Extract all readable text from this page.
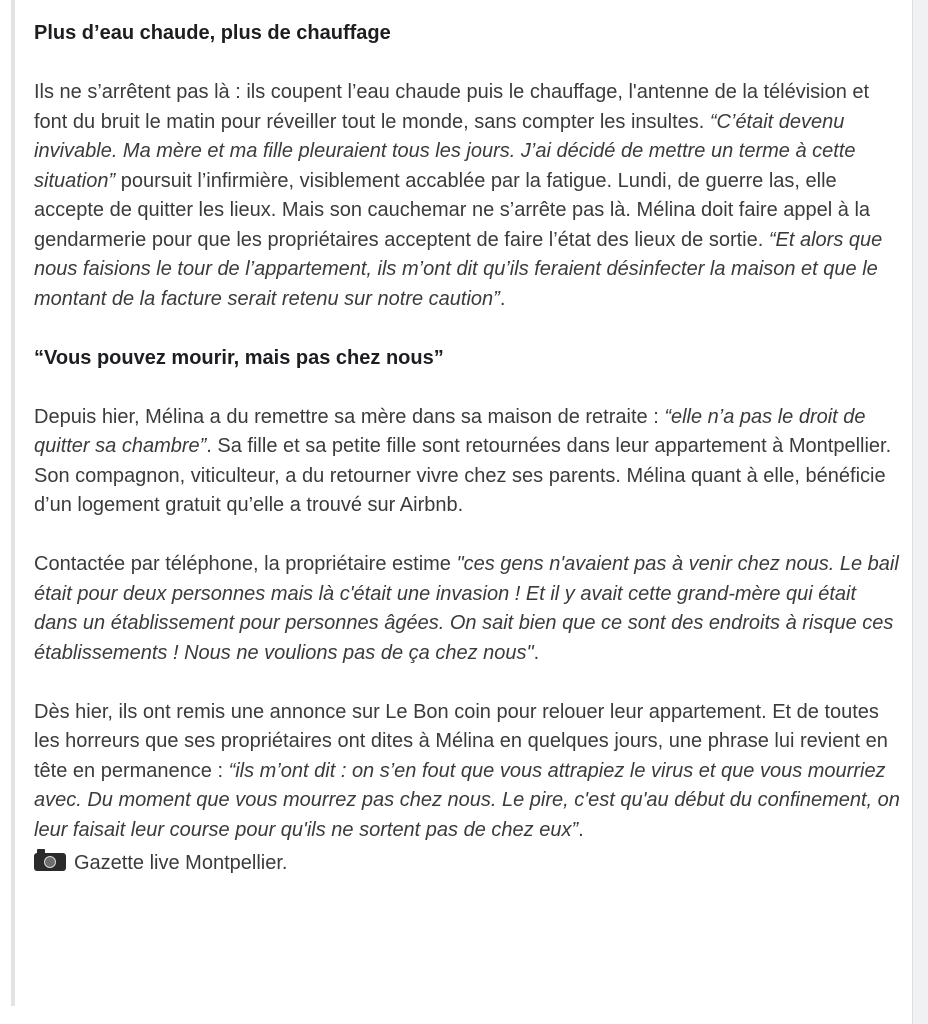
Plus d’eau chaude, plus de chauffage

Ils ne s’arrêtent pas là : ils coupent l’eau chaude puis le chauffage, l'antenne de la télévision et font du bruit le matin pour réveiller tout le monde, sans compter les insultes. “C’était devenu invivable. Ma mère et ma fille pleuraient tous les jours. J’ai décidé de mettre un terme à cette situation” poursuit l’infirmière, visiblement accablée par la fatigue. Lundi, de guerre las, elle accepte de quitter les lieux. Mais son cauchemar ne s’arrête pas là. Mélina doit faire appel à la gendarmerie pour que les propriétaires acceptent de faire l’état des lieux de sortie. “Et alors que nous faisions le tour de l’appartement, ils m’ont dit qu’ils feraient désinfecter la maison et que le montant de la facture serait retenu sur notre caution”.

“Vous pouvez mourir, mais pas chez nous”

Depuis hier, Mélina a du remettre sa mère dans sa maison de retraite : “elle n’a pas le droit de quitter sa chambre”. Sa fille et sa petite fille sont retournées dans leur appartement à Montpellier. Son compagnon, viticulteur, a du retourner vivre chez ses parents. Mélina quant à elle, bénéficie d’un logement gratuit qu’elle a trouvé sur Airbnb.

Contactée par téléphone, la propriétaire estime "ces gens n'avaient pas à venir chez nous. Le bail était pour deux personnes mais là c'était une invasion ! Et il y avait cette grand-mère qui était dans un établissement pour personnes âgées. On sait bien que ce sont des endroits à risque ces établissements ! Nous ne voulions pas de ça chez nous".

Dès hier, ils ont remis une annonce sur Le Bon coin pour relouer leur appartement. Et de toutes les horreurs que ses propriétaires ont dites à Mélina en quelques jours, une phrase lui revient en tête en permanence : “ils m’ont dit : on s’en fout que vous attrapiez le virus et que vous mourriez avec. Du moment que vous mourrez pas chez nous. Le pire, c'est qu'au début du confinement, on leur faisait leur course pour qu'ils ne sortent pas de chez eux”.

Gazette live Montpellier.
